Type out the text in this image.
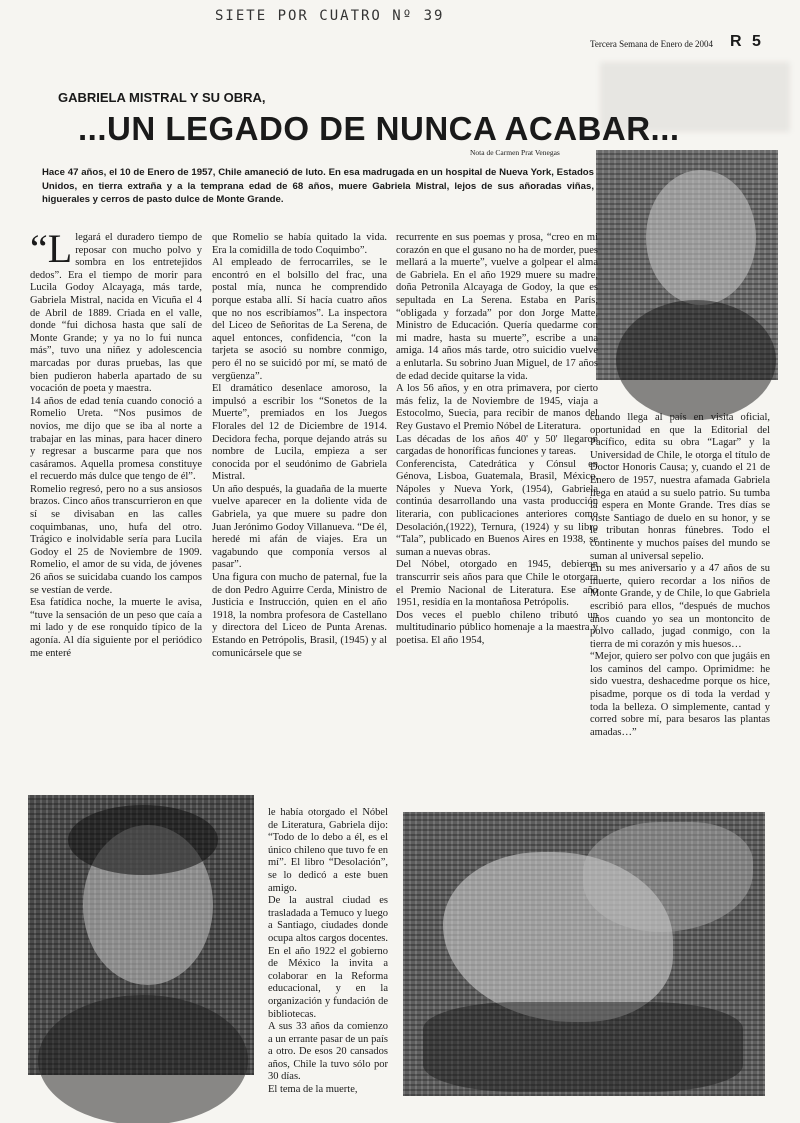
SIETE POR CUATRO Nº 39
Tercera Semana de Enero de 2004 R 5
GABRIELA MISTRAL Y SU OBRA,
...UN LEGADO DE NUNCA ACABAR...
Nota de Carmen Prat Venegas

Hace 47 años, el 10 de Enero de 1957, Chile amaneció de luto. En esa madrugada en un hospital de Nueva York, Estados Unidos, en tierra extraña y a la temprana edad de 68 años, muere Gabriela Mistral, lejos de sus añoradas viñas, higuerales y cerros de pasto dulce de Monte Grande.

“Llegará el duradero tiempo de reposar con mucho polvo y sombra en los entretejidos dedos”. Era el tiempo de morir para Lucila Godoy Alcayaga, más tarde, Gabriela Mistral, nacida en Vicuña el 4 de Abril de 1889. Criada en el valle, donde “fui dichosa hasta que salí de Monte Grande; y ya no lo fui nunca más”, tuvo una niñez y adolescencia marcadas por duras pruebas, las que bien pudieron haberla apartado de su vocación de poeta y maestra.

14 años de edad tenía cuando conoció a Romelio Ureta. “Nos pusimos de novios, me dijo que se iba al norte a trabajar en las minas, para hacer dinero y regresar a buscarme para que nos casáramos. Aquella promesa constituye el recuerdo más dulce que tengo de él”.

Romelio regresó, pero no a sus ansiosos brazos. Cinco años transcurrieron en que sí se divisaban en las calles coquimbanas, uno, hufa del otro. Trágico e inolvidable sería para Lucila Godoy el 25 de Noviembre de 1909. Romelio, el amor de su vida, de jóvenes 26 años se suicidaba cuando los campos se vestían de verde.

Esa fatídica noche, la muerte le avisa, “tuve la sensación de un peso que caía a mi lado y de ese ronquido típico de la agonía. Al día siguiente por el periódico me enteré

que Romelio se había quitado la vida. Era la comidilla de todo Coquimbo”.

Al empleado de ferrocarriles, se le encontró en el bolsillo del frac, una postal mía, nunca he comprendido porque estaba allí. Sí hacía cuatro años que no nos escribíamos”. La inspectora del Liceo de Señoritas de La Serena, de aquel entonces, confidencia, “con la tarjeta se asoció su nombre conmigo, pero él no se suicidó por mí, se mató de vergüenza”.

El dramático desenlace amoroso, la impulsó a escribir los “Sonetos de la Muerte”, premiados en los Juegos Florales del 12 de Diciembre de 1914. Decidora fecha, porque dejando atrás su nombre de Lucila, empieza a ser conocida por el seudónimo de Gabriela Mistral.

Un año después, la guadaña de la muerte vuelve aparecer en la doliente vida de Gabriela, ya que muere su padre don Juan Jerónimo Godoy Villanueva. “De él, heredé mi afán de viajes. Era un vagabundo que componía versos al pasar”.

Una figura con mucho de paternal, fue la de don Pedro Aguirre Cerda, Ministro de Justicia e Instrucción, quien en el año 1918, la nombra profesora de Castellano y directora del Liceo de Punta Arenas. Estando en Petrópolis, Brasil, (1945) y al comunicársele que se

recurrente en sus poemas y prosa, “creo en mi corazón en que el gusano no ha de morder, pues mellará a la muerte”, vuelve a golpear el alma de Gabriela. En el año 1929 muere su madre, doña Petronila Alcayaga de Godoy, la que es sepultada en La Serena. Estaba en París, “obligada y forzada” por don Jorge Matte, Ministro de Educación. Quería quedarme con mi madre, hasta su muerte”, escribe a una amiga. 14 años más tarde, otro suicidio vuelve a enlutarla. Su sobrino Juan Miguel, de 17 años de edad decide quitarse la vida.

A los 56 años, y en otra primavera, por cierto más feliz, la de Noviembre de 1945, viaja a Estocolmo, Suecia, para recibir de manos del Rey Gustavo el Premio Nóbel de Literatura.

Las décadas de los años 40' y 50' llegaron cargadas de honoríficas funciones y tareas.

Conferencista, Catedrática y Cónsul en Génova, Lisboa, Guatemala, Brasil, México, Nápoles y Nueva York, (1954), Gabriela continúa desarrollando una vasta producción literaria, con publicaciones anteriores como Desolación,(1922), Ternura, (1924) y su libro “Tala”, publicado en Buenos Aires en 1938, se suman a nuevas obras.

Del Nóbel, otorgado en 1945, debieron transcurrir seis años para que Chile le otorgara el Premio Nacional de Literatura. Ese año 1951, residía en la montañosa Petrópolis.

Dos veces el pueblo chileno tributó un multitudinario público homenaje a la maestra y poetisa. El año 1954,

cuando llega al país en visita oficial, oportunidad en que la Editorial del Pacífico, edita su obra “Lagar” y la Universidad de Chile, le otorga el título de Doctor Honoris Causa; y, cuando el 21 de Enero de 1957, nuestra afamada Gabriela llega en ataúd a su suelo patrio. Su tumba la espera en Monte Grande. Tres días se viste Santiago de duelo en su honor, y se le tributan honras fúnebres. Todo el continente y muchos países del mundo se suman al universal sepelio.

En su mes aniversario y a 47 años de su muerte, quiero recordar a los niños de Monte Grande, y de Chile, lo que Gabriela escribió para ellos, “después de muchos años cuando yo sea un montoncito de polvo callado, jugad conmigo, con la tierra de mi corazón y mis huesos…

“Mejor, quiero ser polvo con que jugáis en los caminos del campo. Oprimidme: he sido vuestra, deshacedme porque os hice, pisadme, porque os di toda la verdad y toda la belleza. O simplemente, cantad y corred sobre mí, para besaros las plantas amadas…”

le había otorgado el Nóbel de Literatura, Gabriela dijo: “Todo de lo debo a él, es el único chileno que tuvo fe en mí”. El libro “Desolación”, se lo dedicó a este buen amigo.

De la austral ciudad es trasladada a Temuco y luego a Santiago, ciudades donde ocupa altos cargos docentes. En el año 1922 el gobierno de México la invita a colaborar en la Reforma educacional, y en la organización y fundación de bibliotecas.

A sus 33 años da comienzo a un errante pasar de un país a otro. De esos 20 cansados años, Chile la tuvo sólo por 30 días.

El tema de la muerte,
